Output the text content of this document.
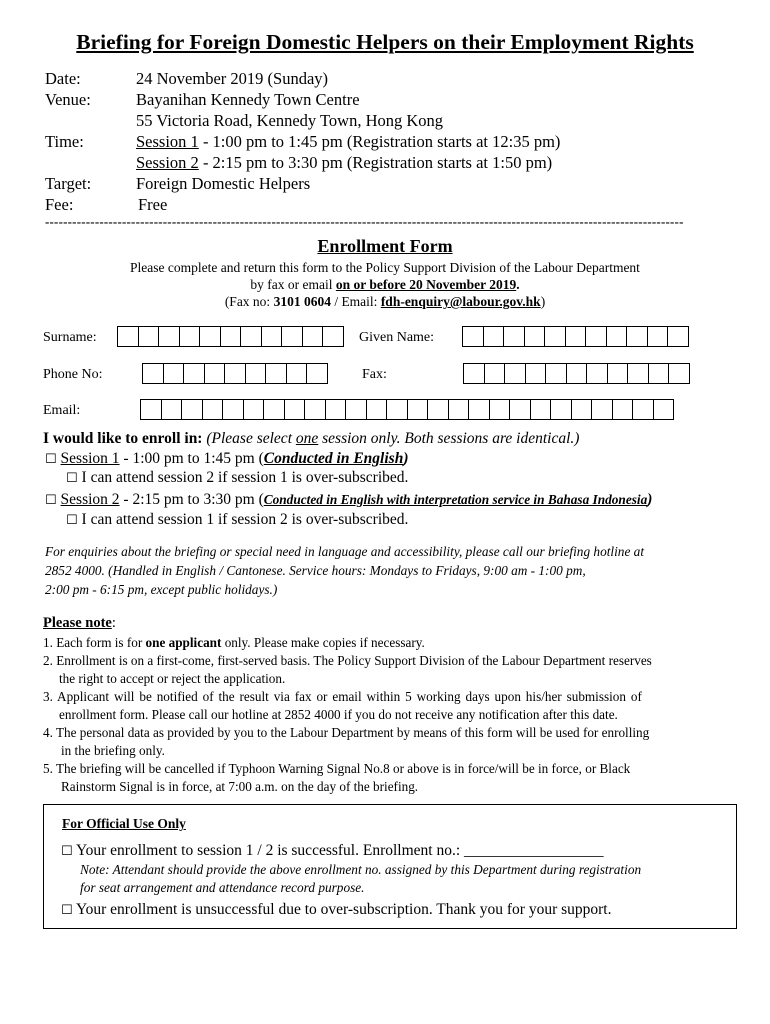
Briefing for Foreign Domestic Helpers on their Employment Rights
Date:	24 November 2019 (Sunday)
Venue:	Bayanihan Kennedy Town Centre
55 Victoria Road, Kennedy Town, Hong Kong
Time:	Session 1 - 1:00 pm to 1:45 pm (Registration starts at 12:35 pm)
Session 2 - 2:15 pm to 3:30 pm (Registration starts at 1:50 pm)
Target:	Foreign Domestic Helpers
Fee:	Free
---------------------------------------------------------------------------------------------------------------------------------------------
Enrollment Form
Please complete and return this form to the Policy Support Division of the Labour Department
by fax or email on or before 20 November 2019.
(Fax no: 3101 0604 / Email: fdh-enquiry@labour.gov.hk)
Surname:	Given Name:
Phone No:	Fax:
Email:
I would like to enroll in: (Please select one session only. Both sessions are identical.)
☐ Session 1 - 1:00 pm to 1:45 pm (Conducted in English)
☐ I can attend session 2 if session 1 is over-subscribed.
☐ Session 2 - 2:15 pm to 3:30 pm (Conducted in English with interpretation service in Bahasa Indonesia)
☐ I can attend session 1 if session 2 is over-subscribed.
For enquiries about the briefing or special need in language and accessibility, please call our briefing hotline at
2852 4000. (Handled in English / Cantonese. Service hours: Mondays to Fridays, 9:00 am - 1:00 pm,
2:00 pm - 6:15 pm, except public holidays.)
Please note:
1. Each form is for one applicant only. Please make copies if necessary.
2. Enrollment is on a first-come, first-served basis. The Policy Support Division of the Labour Department reserves
the right to accept or reject the application.
3. Applicant will be notified of the result via fax or email within 5 working days upon his/her submission of
enrollment form. Please call our hotline at 2852 4000 if you do not receive any notification after this date.
4. The personal data as provided by you to the Labour Department by means of this form will be used for enrolling
in the briefing only.
5. The briefing will be cancelled if Typhoon Warning Signal No.8 or above is in force/will be in force, or Black
Rainstorm Signal is in force, at 7:00 a.m. on the day of the briefing.
For Official Use Only
☐ Your enrollment to session 1 / 2 is successful. Enrollment no.: __________________
Note: Attendant should provide the above enrollment no. assigned by this Department during registration
for seat arrangement and attendance record purpose.
☐ Your enrollment is unsuccessful due to over-subscription. Thank you for your support.
